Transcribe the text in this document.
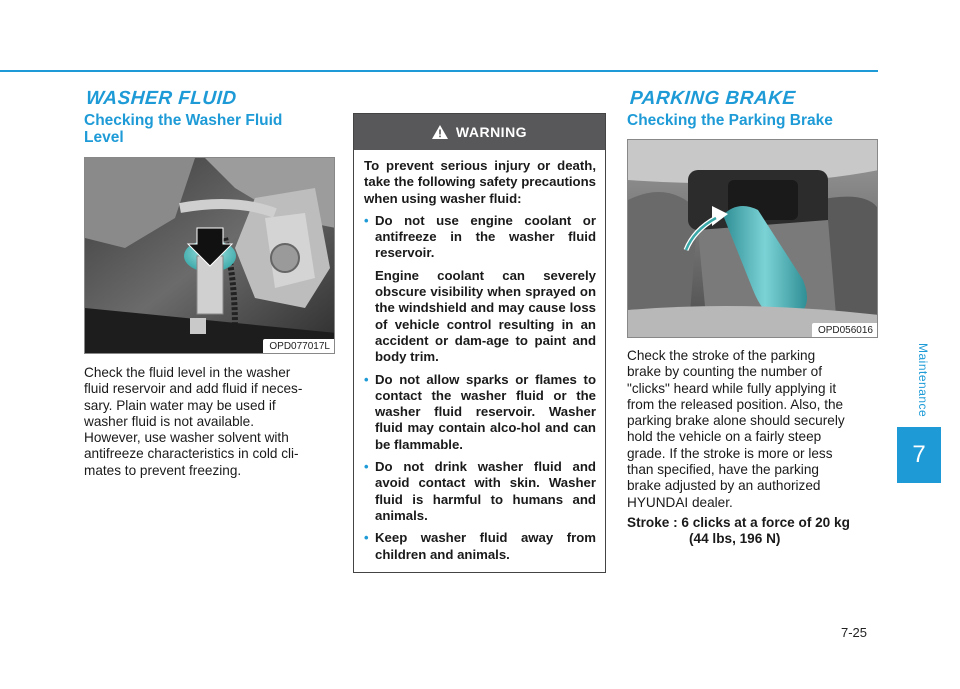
Maintenance
7
WASHER FLUID
Checking the Washer Fluid
Level
OPD077017L
Check the fluid level in the washer
fluid reservoir and add fluid if neces-
sary. Plain water may be used if
washer fluid is not available.
However, use washer solvent with
antifreeze characteristics in cold cli-
mates to prevent freezing.
WARNING

To prevent serious injury or death, take the following safety precautions when using washer fluid:

• Do not use engine coolant or antifreeze in the washer fluid reservoir.

Engine coolant can severely obscure visibility when sprayed on the windshield and may cause loss of vehicle control resulting in an accident or dam-age to paint and body trim.

• Do not allow sparks or flames to contact the washer fluid or the washer fluid reservoir. Washer fluid may contain alco-hol and can be flammable.
• Do not drink washer fluid and avoid contact with skin. Washer fluid is harmful to humans and animals.
• Keep washer fluid away from children and animals.
PARKING BRAKE
Checking the Parking Brake
OPD056016
Check the stroke of the parking
brake by counting the number of
"clicks" heard while fully applying it
from the released position. Also, the
parking brake alone should securely
hold the vehicle on a fairly steep
grade. If the stroke is more or less
than specified, have the parking
brake adjusted by an authorized
HYUNDAI dealer.
Stroke : 6 clicks at a force of 20 kg
(44 lbs, 196 N)
7-25
